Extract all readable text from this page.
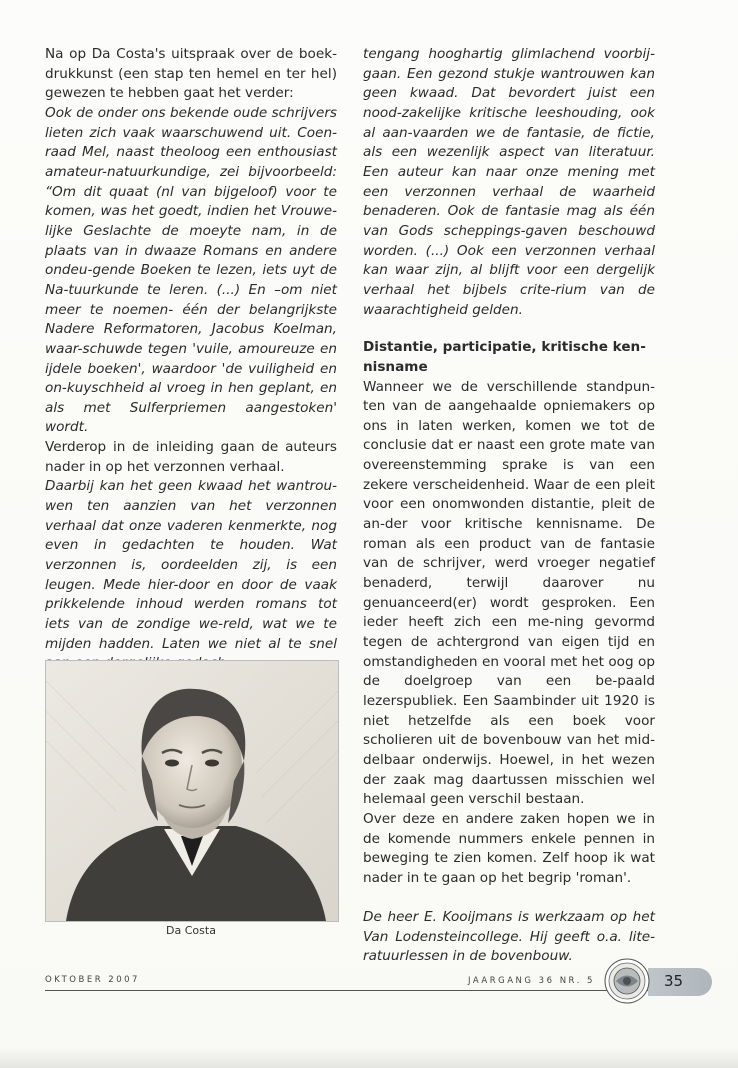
Na op Da Costa's uitspraak over de boek-drukkunst (een stap ten hemel en ter hel) gewezen te hebben gaat het verder:

Ook de onder ons bekende oude schrijvers lieten zich vaak waarschuwend uit. Coen-raad Mel, naast theoloog een enthousiast amateur-natuurkundige, zei bijvoorbeeld: “Om dit quaat (nl van bijgeloof) voor te komen, was het goedt, indien het Vrouwe-lijke Geslachte de moeyte nam, in de plaats van in dwaaze Romans en andere ondeu-gende Boeken te lezen, iets uyt de Na-tuurkunde te leren. (...) En –om niet meer te noemen- één der belangrijkste Nadere Reformatoren, Jacobus Koelman, waar-schuwde tegen 'vuile, amoureuze en ijdele boeken', waardoor 'de vuiligheid en on-kuyschheid al vroeg in hen geplant, en als met Sulferpriemen aangestoken' wordt.

Verderop in de inleiding gaan de auteurs nader in op het verzonnen verhaal.

Daarbij kan het geen kwaad het wantrou-wen ten aanzien van het verzonnen verhaal dat onze vaderen kenmerkte, nog even in gedachten te houden. Wat verzonnen is, oordeelden zij, is een leugen. Mede hier-door en door de vaak prikkelende inhoud werden romans tot iets van de zondige we-reld, wat we te mijden hadden. Laten we niet al te snel

Da Costa

tengang hooghartig glimlachend voorbij-gaan. Een gezond stukje wantrouwen kan geen kwaad. Dat bevordert juist een nood-zakelijke kritische leeshouding, ook al aan-vaarden we de fantasie, de fictie, als een wezenlijk aspect van literatuur. Een auteur kan naar onze mening met een verzonnen verhaal de waarheid benaderen. Ook de fantasie mag als één van Gods scheppings-gaven beschouwd worden. (...) Ook een verzonnen verhaal kan waar zijn, al blijft voor een dergelijk verhaal het bijbels crite-rium van de waarachtigheid gelden.

Distantie, participatie, kritische ken-nisname

Wanneer we de verschillende standpun-ten van de aangehaalde opniemakers op ons in laten werken, komen we tot de conclusie dat er naast een grote mate van overeenstemming sprake is van een zekere verscheidenheid. Waar de een pleit voor een onomwonden distantie, pleit de an-der voor kritische kennisname. De roman als een product van de fantasie van de schrijver, werd vroeger negatief benaderd, terwijl daarover nu genuanceerd(er) wordt gesproken. Een ieder heeft zich een me-ning gevormd tegen de achtergrond van eigen tijd en omstandigheden en vooral met het oog op de doelgroep van een be-paald lezerspubliek. Een Saambinder uit 1920 is niet hetzelfde als een boek voor scholieren uit de bovenbouw van het mid-delbaar onderwijs. Hoewel, in het wezen der zaak mag daartussen misschien wel helemaal geen verschil bestaan.

Over deze en andere zaken hopen we in de komende nummers enkele pennen in beweging te zien komen. Zelf hoop ik wat nader in te gaan op het begrip 'roman'.

De heer E. Kooijmans is werkzaam op het Van Lodensteincollege. Hij geeft o.a. lite-ratuurlessen in de bovenbouw.

OKTOBER 2007	JAARGANG 36 NR. 5	35
